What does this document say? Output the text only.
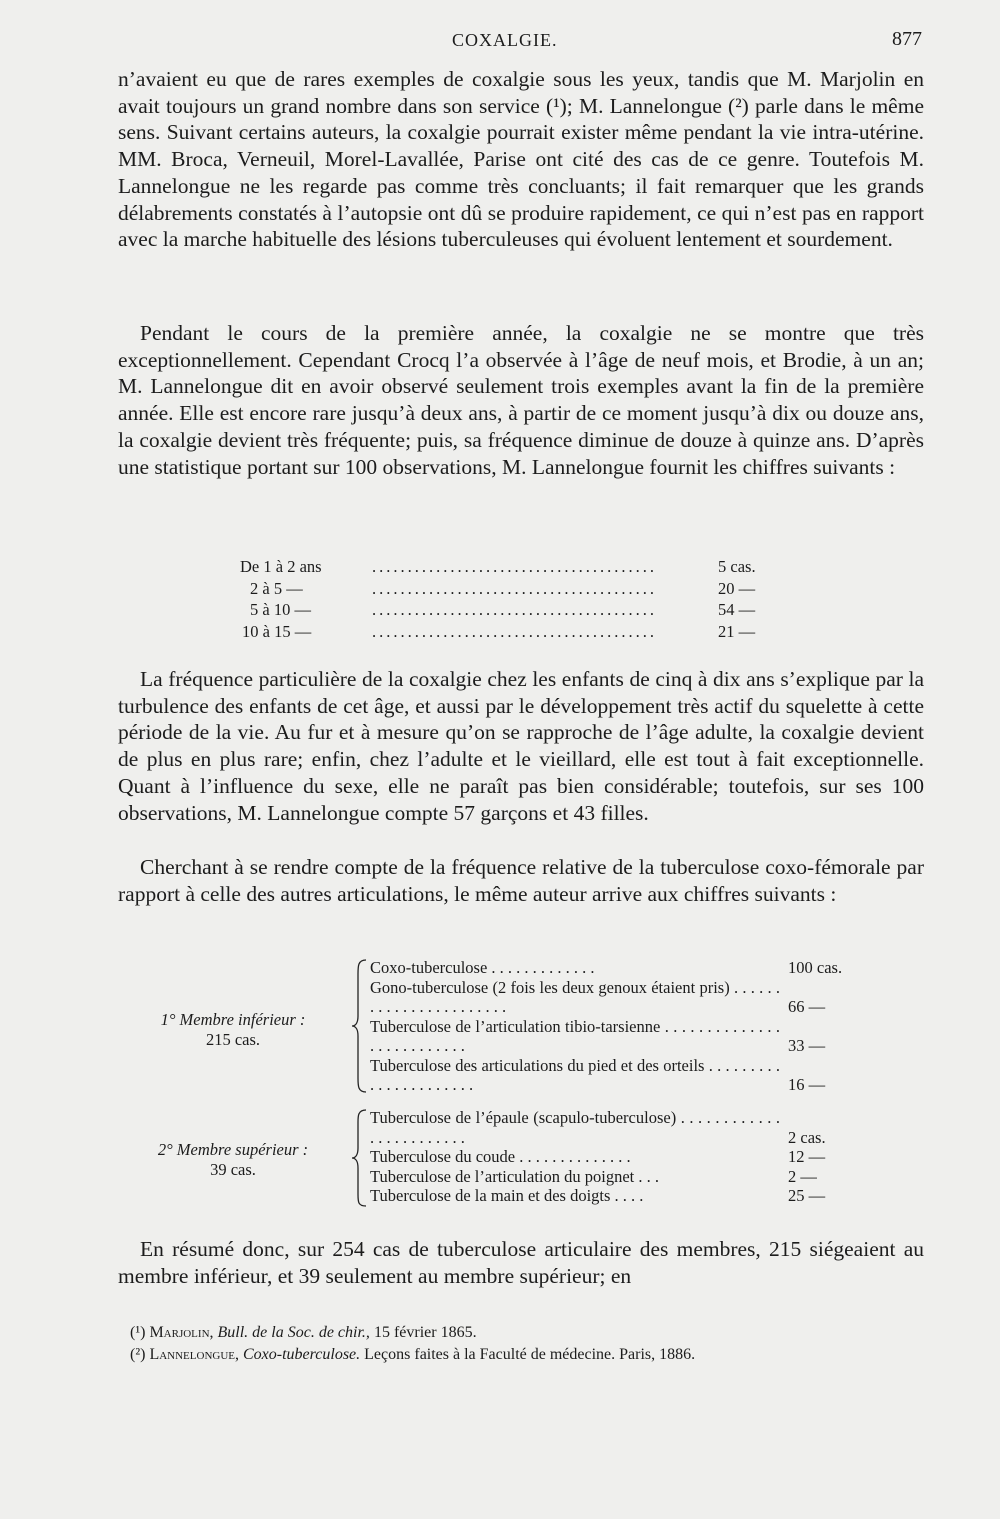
COXALGIE.	877

n’avaient eu que de rares exemples de coxalgie sous les yeux, tandis que M. Marjolin en avait toujours un grand nombre dans son service (¹); M. Lannelongue (²) parle dans le même sens. Suivant certains auteurs, la coxalgie pourrait exister même pendant la vie intra-utérine. MM. Broca, Verneuil, Morel-Lavallée, Parise ont cité des cas de ce genre. Toutefois M. Lannelongue ne les regarde pas comme très concluants; il fait remarquer que les grands délabrements constatés à l’autopsie ont dû se produire rapidement, ce qui n’est pas en rapport avec la marche habituelle des lésions tuberculeuses qui évoluent lentement et sourdement.

Pendant le cours de la première année, la coxalgie ne se montre que très exceptionnellement. Cependant Crocq l’a observée à l’âge de neuf mois, et Brodie, à un an; M. Lannelongue dit en avoir observé seulement trois exemples avant la fin de la première année. Elle est encore rare jusqu’à deux ans, à partir de ce moment jusqu’à dix ou douze ans, la coxalgie devient très fréquente; puis, sa fréquence diminue de douze à quinze ans. D’après une statistique portant sur 100 observations, M. Lannelongue fournit les chiffres suivants :

De 1 à 2 ans	........................................	5 cas.
2 à 5 —	........................................	20 —
5 à 10 —	........................................	54 —
10 à 15 —	........................................	21 —

La fréquence particulière de la coxalgie chez les enfants de cinq à dix ans s’explique par la turbulence des enfants de cet âge, et aussi par le développement très actif du squelette à cette période de la vie. Au fur et à mesure qu’on se rapproche de l’âge adulte, la coxalgie devient de plus en plus rare; enfin, chez l’adulte et le vieillard, elle est tout à fait exceptionnelle. Quant à l’influence du sexe, elle ne paraît pas bien considérable; toutefois, sur ses 100 observations, M. Lannelongue compte 57 garçons et 43 filles.

Cherchant à se rendre compte de la fréquence relative de la tuberculose coxo-fémorale par rapport à celle des autres articulations, le même auteur arrive aux chiffres suivants :

1° Membre inférieur :
215 cas.
Coxo-tuberculose . . . . . . . . . . . . .	100 cas.
Gono-tuberculose (2 fois les deux genoux étaient pris) . . . . . . . . . . . . . . . . . . . . . . .	66 —
Tuberculose de l’articulation tibio-tarsienne . . . . . . . . . . . . . . . . . . . . . . . . . .	33 —
Tuberculose des articulations du pied et des orteils . . . . . . . . . . . . . . . . . . . . . .	16 —
2° Membre supérieur :
39 cas.
Tuberculose de l’épaule (scapulo-tuberculose) . . . . . . . . . . . . . . . . . . . . . . . .	2 cas.
Tuberculose du coude . . . . . . . . . . . . . .	12 —
Tuberculose de l’articulation du poignet . . .	2 —
Tuberculose de la main et des doigts . . . .	25 —

En résumé donc, sur 254 cas de tuberculose articulaire des membres, 215 siégeaient au membre inférieur, et 39 seulement au membre supérieur; en

(¹) Marjolin, Bull. de la Soc. de chir., 15 février 1865.
(²) Lannelongue, Coxo-tuberculose. Leçons faites à la Faculté de médecine. Paris, 1886.
